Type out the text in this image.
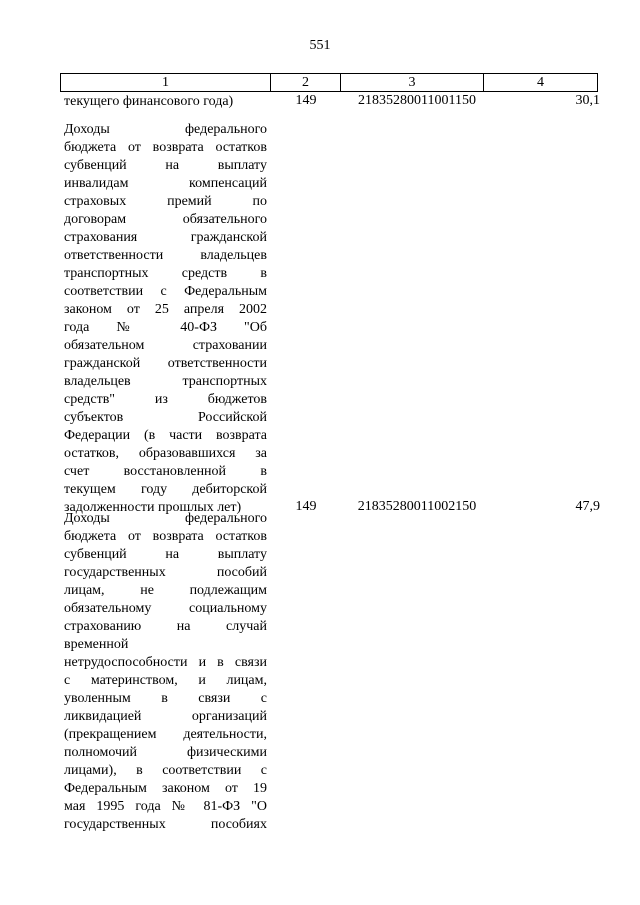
551
1	2	3	4
текущего финансового года)	149	21835280011001150	30,1
Доходы федерального
бюджета от возврата остатков
субвенций на выплату
инвалидам компенсаций
страховых премий по
договорам обязательного
страхования гражданской
ответственности владельцев
транспортных средств в
соответствии с Федеральным
законом от 25 апреля 2002
года № 40-ФЗ "Об
обязательном страховании
гражданской ответственности
владельцев транспортных
средств" из бюджетов
субъектов Российской
Федерации (в части возврата
остатков, образовавшихся за
счет восстановленной в
текущем году дебиторской
задолженности прошлых лет)	149	21835280011002150	47,9
Доходы федерального
бюджета от возврата остатков
субвенций на выплату
государственных пособий
лицам, не подлежащим
обязательному социальному
страхованию на случай
временной
нетрудоспособности и в связи
с материнством, и лицам,
уволенным в связи с
ликвидацией организаций
(прекращением деятельности,
полномочий физическими
лицами), в соответствии с
Федеральным законом от 19
мая 1995 года № 81-ФЗ "О
государственных пособиях
